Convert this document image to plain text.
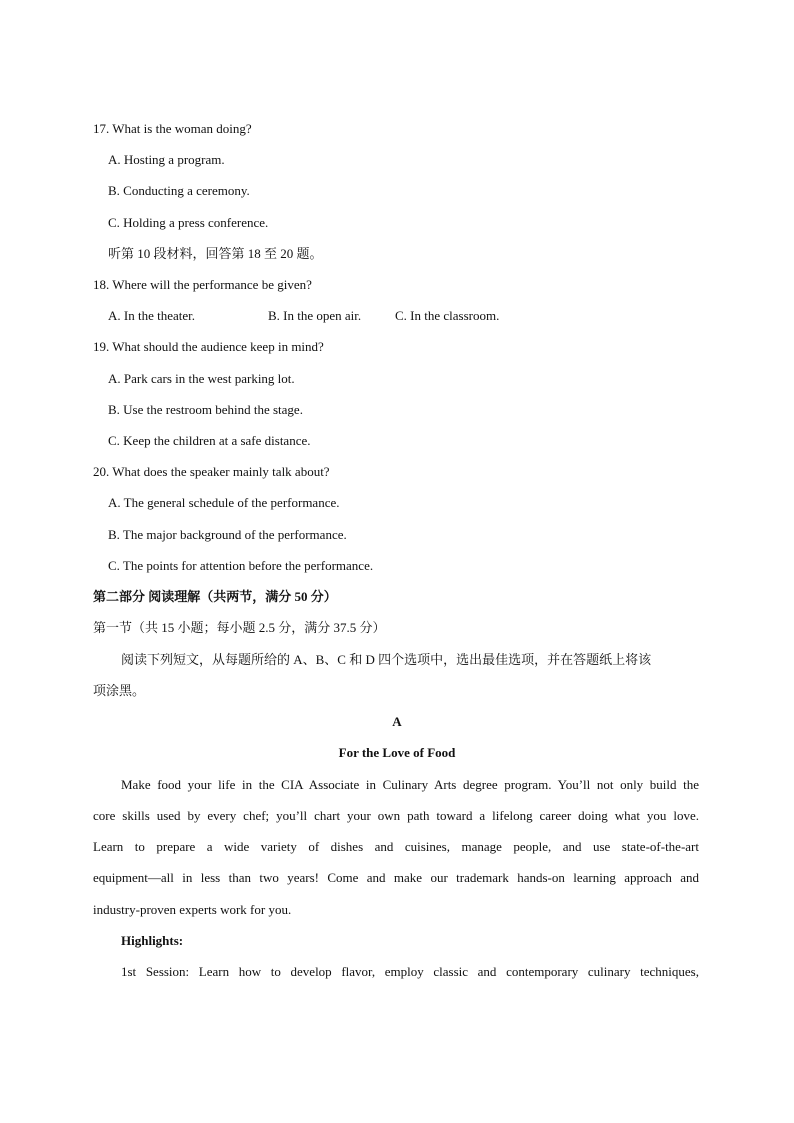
17. What is the woman doing?
A. Hosting a program.
B. Conducting a ceremony.
C. Holding a press conference.
听第 10 段材料，回答第 18 至 20 题。
18. Where will the performance be given?
A. In the theater.	B. In the open air.	C. In the classroom.
19. What should the audience keep in mind?
A. Park cars in the west parking lot.
B. Use the restroom behind the stage.
C. Keep the children at a safe distance.
20. What does the speaker mainly talk about?
A. The general schedule of the performance.
B. The major background of the performance.
C. The points for attention before the performance.
第二部分 阅读理解（共两节，满分 50 分）
第一节（共 15 小题；每小题 2.5 分，满分 37.5 分）
阅读下列短文，从每题所给的 A、B、C 和 D 四个选项中，选出最佳选项，并在答题纸上将该
项涂黑。
A
For the Love of Food
Make food your life in the CIA Associate in Culinary Arts degree program. You’ll not only build the
core skills used by every chef; you’ll chart your own path toward a lifelong career doing what you love.
Learn to prepare a wide variety of dishes and cuisines, manage people, and use state-of-the-art
equipment—all in less than two years! Come and make our trademark hands-on learning approach and
industry-proven experts work for you.
Highlights:
1st Session: Learn how to develop flavor, employ classic and contemporary culinary techniques,
